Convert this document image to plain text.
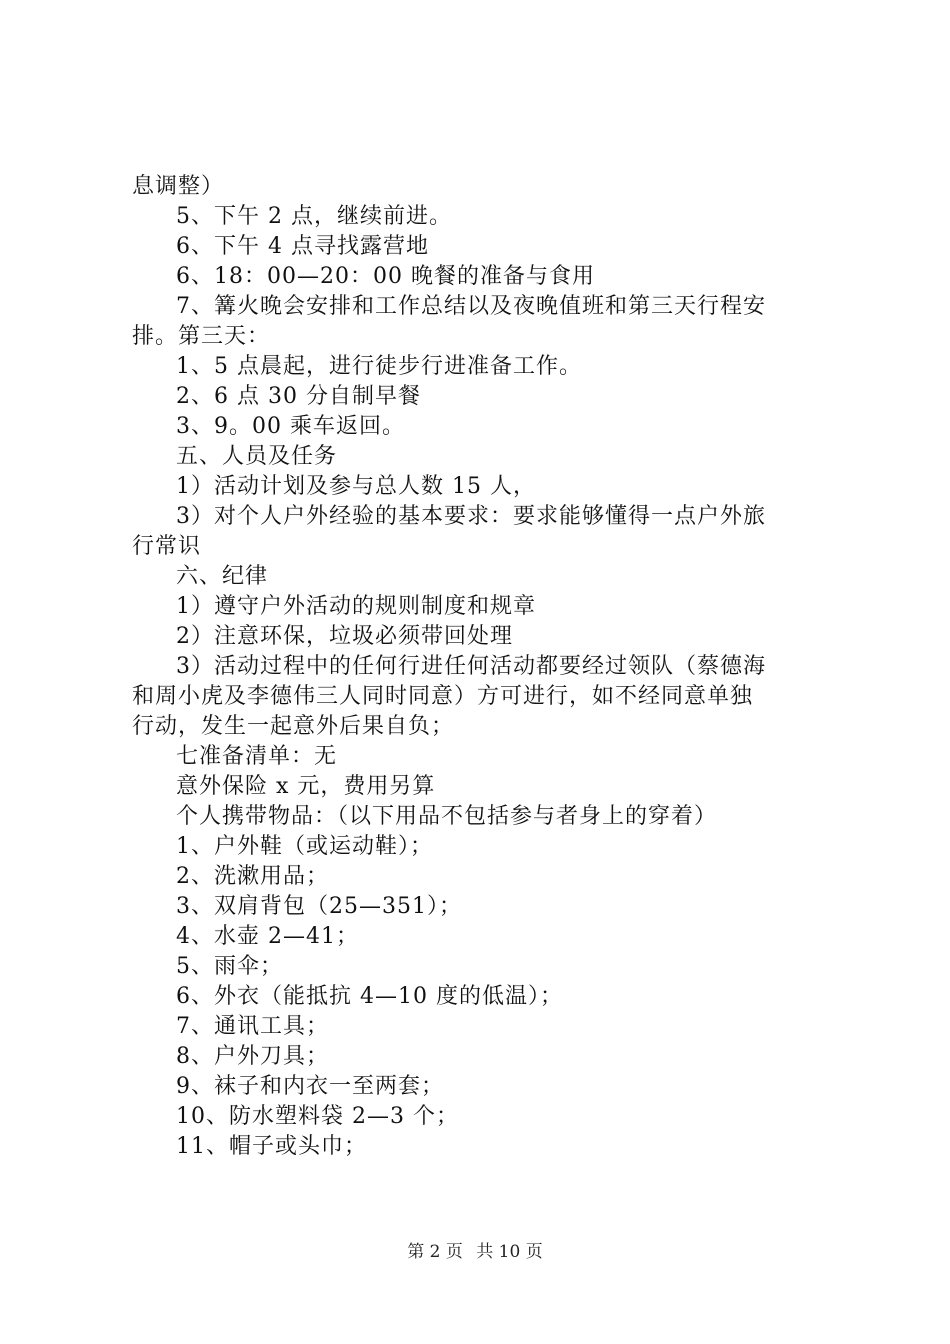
息调整）
5、下午 2 点，继续前进。
6、下午 4 点寻找露营地
6、18：00—20：00 晚餐的准备与食用
7、篝火晚会安排和工作总结以及夜晚值班和第三天行程安
排。第三天：
1、5 点晨起，进行徒步行进准备工作。
2、6 点 30 分自制早餐
3、9。00 乘车返回。
五、人员及任务
1）活动计划及参与总人数 15 人，
3）对个人户外经验的基本要求：要求能够懂得一点户外旅
行常识
六、纪律
1）遵守户外活动的规则制度和规章
2）注意环保，垃圾必须带回处理
3）活动过程中的任何行进任何活动都要经过领队（蔡德海
和周小虎及李德伟三人同时同意）方可进行，如不经同意单独
行动，发生一起意外后果自负；
七准备清单：无
意外保险 x 元，费用另算
个人携带物品：（以下用品不包括参与者身上的穿着）
1、户外鞋（或运动鞋）；
2、洗漱用品；
3、双肩背包（25—351）；
4、水壶 2—41；
5、雨伞；
6、外衣（能抵抗 4—10 度的低温）；
7、通讯工具；
8、户外刀具；
9、袜子和内衣一至两套；
10、防水塑料袋 2—3 个；
11、帽子或头巾；
第 2 页 共 10 页
